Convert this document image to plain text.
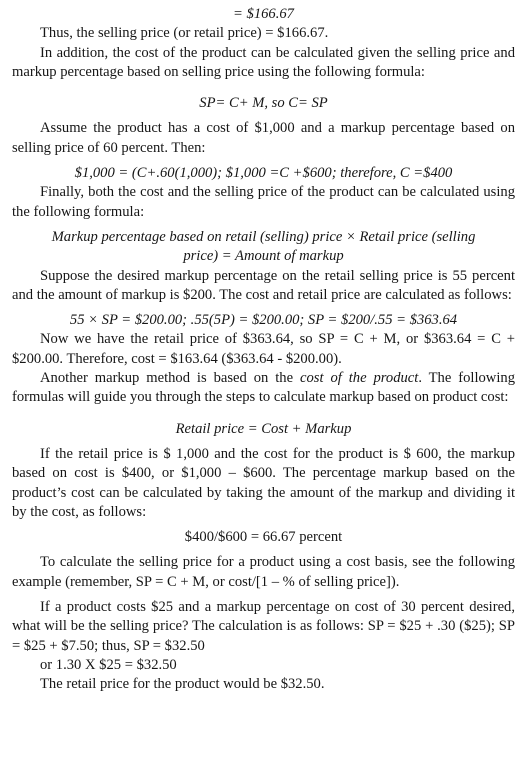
= $166.67

Thus, the selling price (or retail price) = $166.67.

In addition, the cost of the product can be calculated given the selling price and markup percentage based on selling price using the following formula:

SP= C+ M, so C= SP

Assume the product has a cost of $1,000 and a markup percentage based on selling price of 60 percent. Then:

$1,000 = (C+.60(1,000); $1,000 =C +$600; therefore, C =$400

Finally, both the cost and the selling price of the product can be calculated using the following formula:

Markup percentage based on retail (selling) price × Retail price (selling price) = Amount of markup

Suppose the desired markup percentage on the retail selling price is 55 percent and the amount of markup is $200. The cost and retail price are calculated as follows:

55 × SP = $200.00; .55(5P) = $200.00; SP = $200/.55 = $363.64

Now we have the retail price of $363.64, so SP = C + M, or $363.64 = C + $200.00. Therefore, cost = $163.64 ($363.64 - $200.00).

Another markup method is based on the cost of the product. The following formulas will guide you through the steps to calculate markup based on product cost:

Retail price = Cost + Markup

If the retail price is $ 1,000 and the cost for the product is $ 600, the markup based on cost is $400, or $1,000 – $600. The percentage markup based on the product’s cost can be calculated by taking the amount of the markup and dividing it by the cost, as follows:

$400/$600 = 66.67 percent

To calculate the selling price for a product using a cost basis, see the following example (remember, SP = C + M, or cost/[1 – % of selling price]).

If a product costs $25 and a markup percentage on cost of 30 percent desired, what will be the selling price? The calculation is as follows: SP = $25 + .30 ($25); SP = $25 + $7.50; thus, SP = $32.50

or 1.30 X $25 = $32.50

The retail price for the product would be $32.50.
